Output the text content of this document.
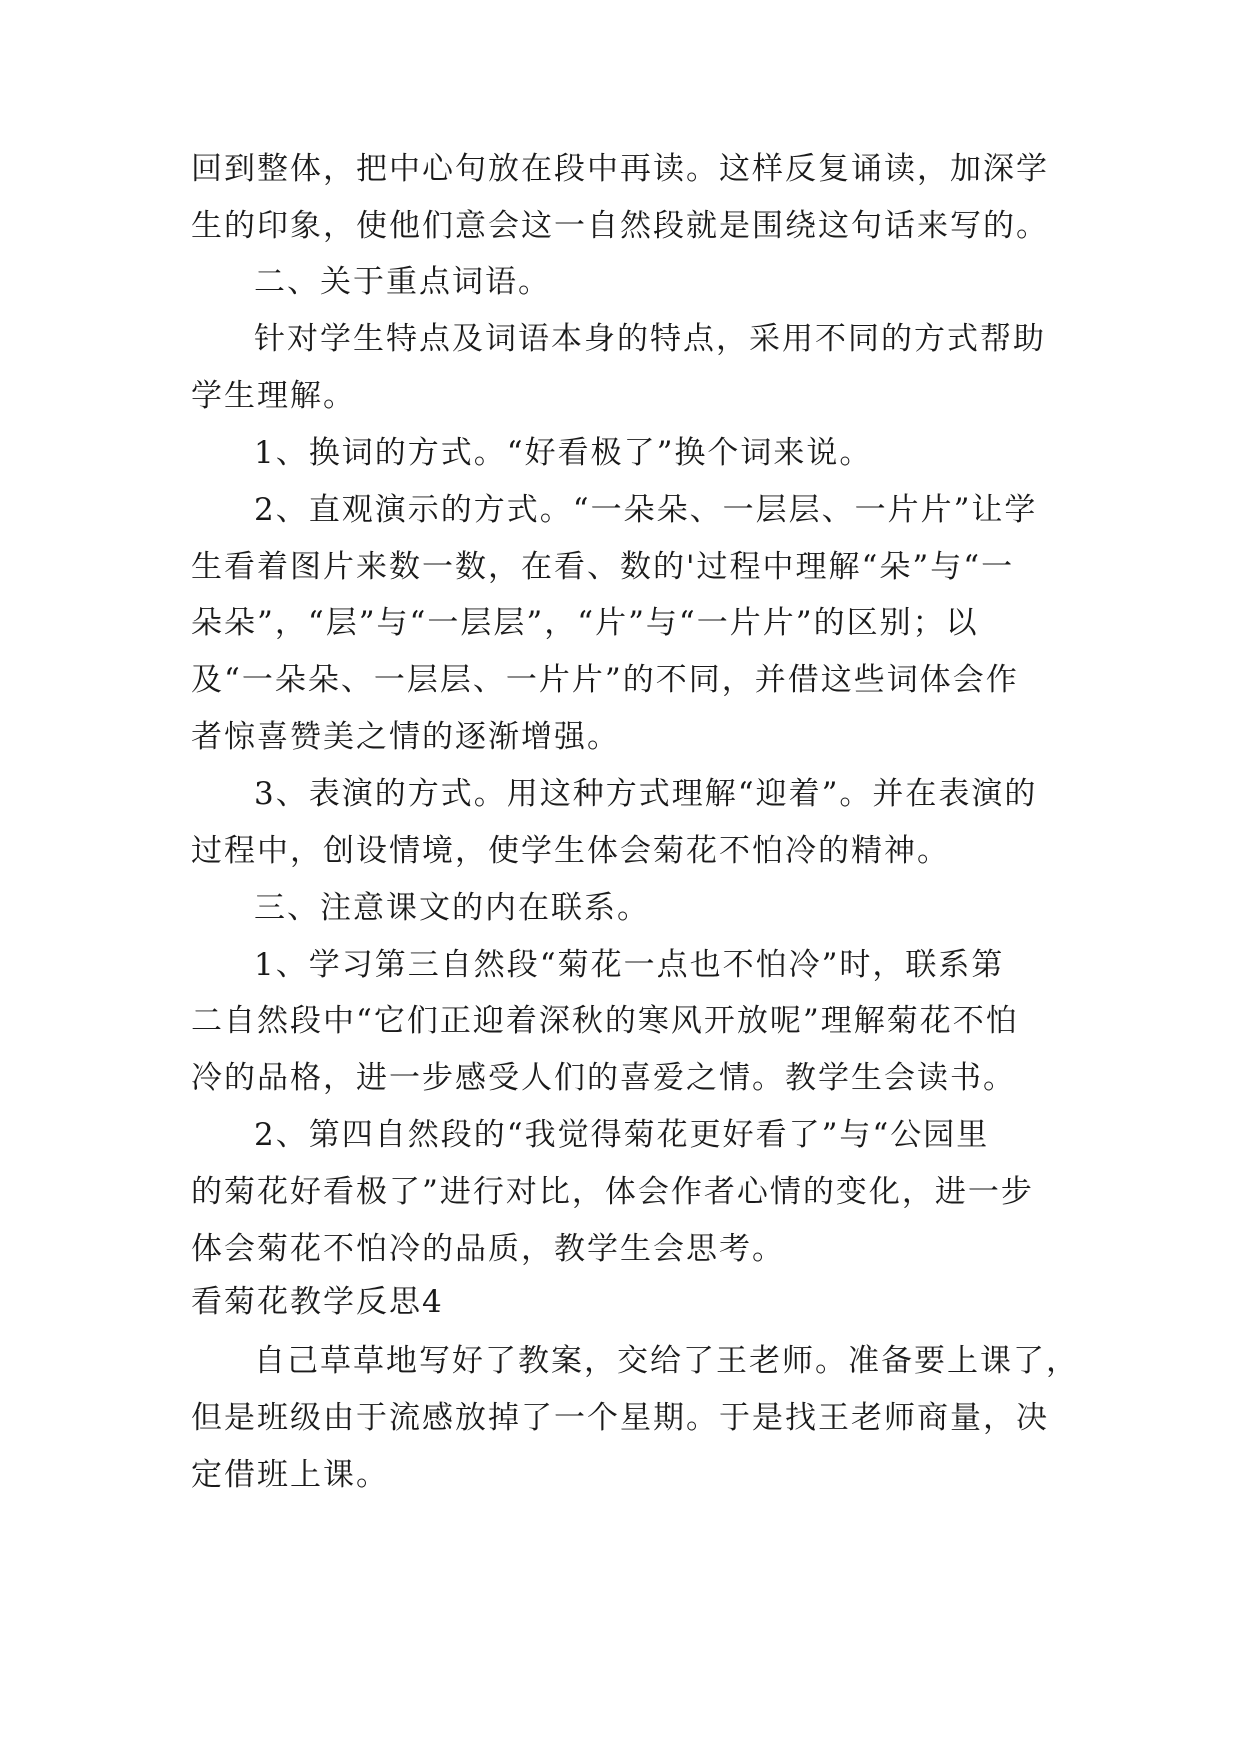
回到整体，把中心句放在段中再读。这样反复诵读，加深学
生的印象，使他们意会这一自然段就是围绕这句话来写的。
二、关于重点词语。
针对学生特点及词语本身的特点，采用不同的方式帮助
学生理解。
1、换词的方式。“好看极了”换个词来说。
2、直观演示的方式。“一朵朵、一层层、一片片”让学
生看着图片来数一数，在看、数的'过程中理解“朵”与“一
朵朵”，“层”与“一层层”，“片”与“一片片”的区别；以
及“一朵朵、一层层、一片片”的不同，并借这些词体会作
者惊喜赞美之情的逐渐增强。
3、表演的方式。用这种方式理解“迎着”。并在表演的
过程中，创设情境，使学生体会菊花不怕冷的精神。
三、注意课文的内在联系。
1、学习第三自然段“菊花一点也不怕冷”时，联系第
二自然段中“它们正迎着深秋的寒风开放呢”理解菊花不怕
冷的品格，进一步感受人们的喜爱之情。教学生会读书。
2、第四自然段的“我觉得菊花更好看了”与“公园里
的菊花好看极了”进行对比，体会作者心情的变化，进一步
体会菊花不怕冷的品质，教学生会思考。
看菊花教学反思4
自己草草地写好了教案，交给了王老师。准备要上课了，
但是班级由于流感放掉了一个星期。于是找王老师商量，决
定借班上课。
